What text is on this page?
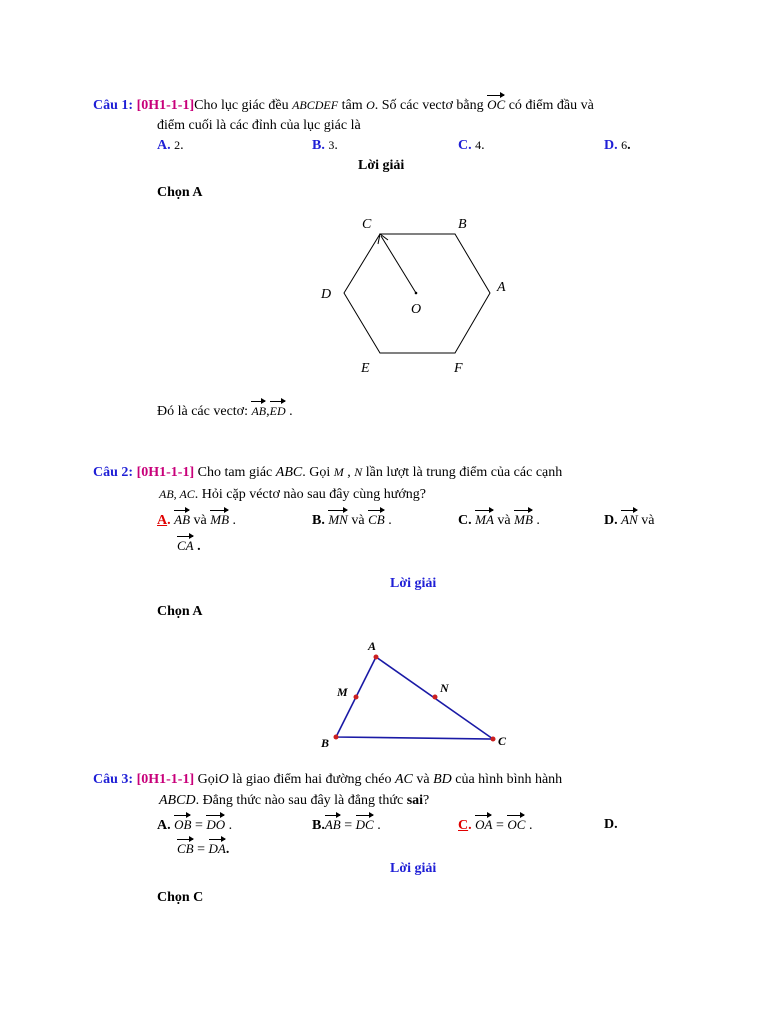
Câu 1: [0H1-1-1]Cho lục giác đều ABCDEF tâm O. Số các vectơ bằng OC có điểm đầu và
điểm cuối là các đỉnh của lục giác là
A. 2.	B. 3.	C. 4.	D. 6.
Lời giải
Chọn A
C	B
A
D
O
E	F
Đó là các vectơ: AB,ED .
Câu 2: [0H1-1-1] Cho tam giác ABC. Gọi M , N lần lượt là trung điểm của các cạnh
AB, AC. Hỏi cặp véctơ nào sau đây cùng hướng?
A. AB và MB .	B. MN và CB .	C. MA và MB .	D. AN và
CA .
Lời giải
Chọn A
A
M	N
B	C
Câu 3: [0H1-1-1] GọiO là giao điểm hai đường chéo AC và BD của hình bình hành
ABCD. Đẳng thức nào sau đây là đẳng thức sai?
A. OB = DO .	B.AB = DC .	C. OA = OC .	D.
CB = DA.
Lời giải
Chọn C
